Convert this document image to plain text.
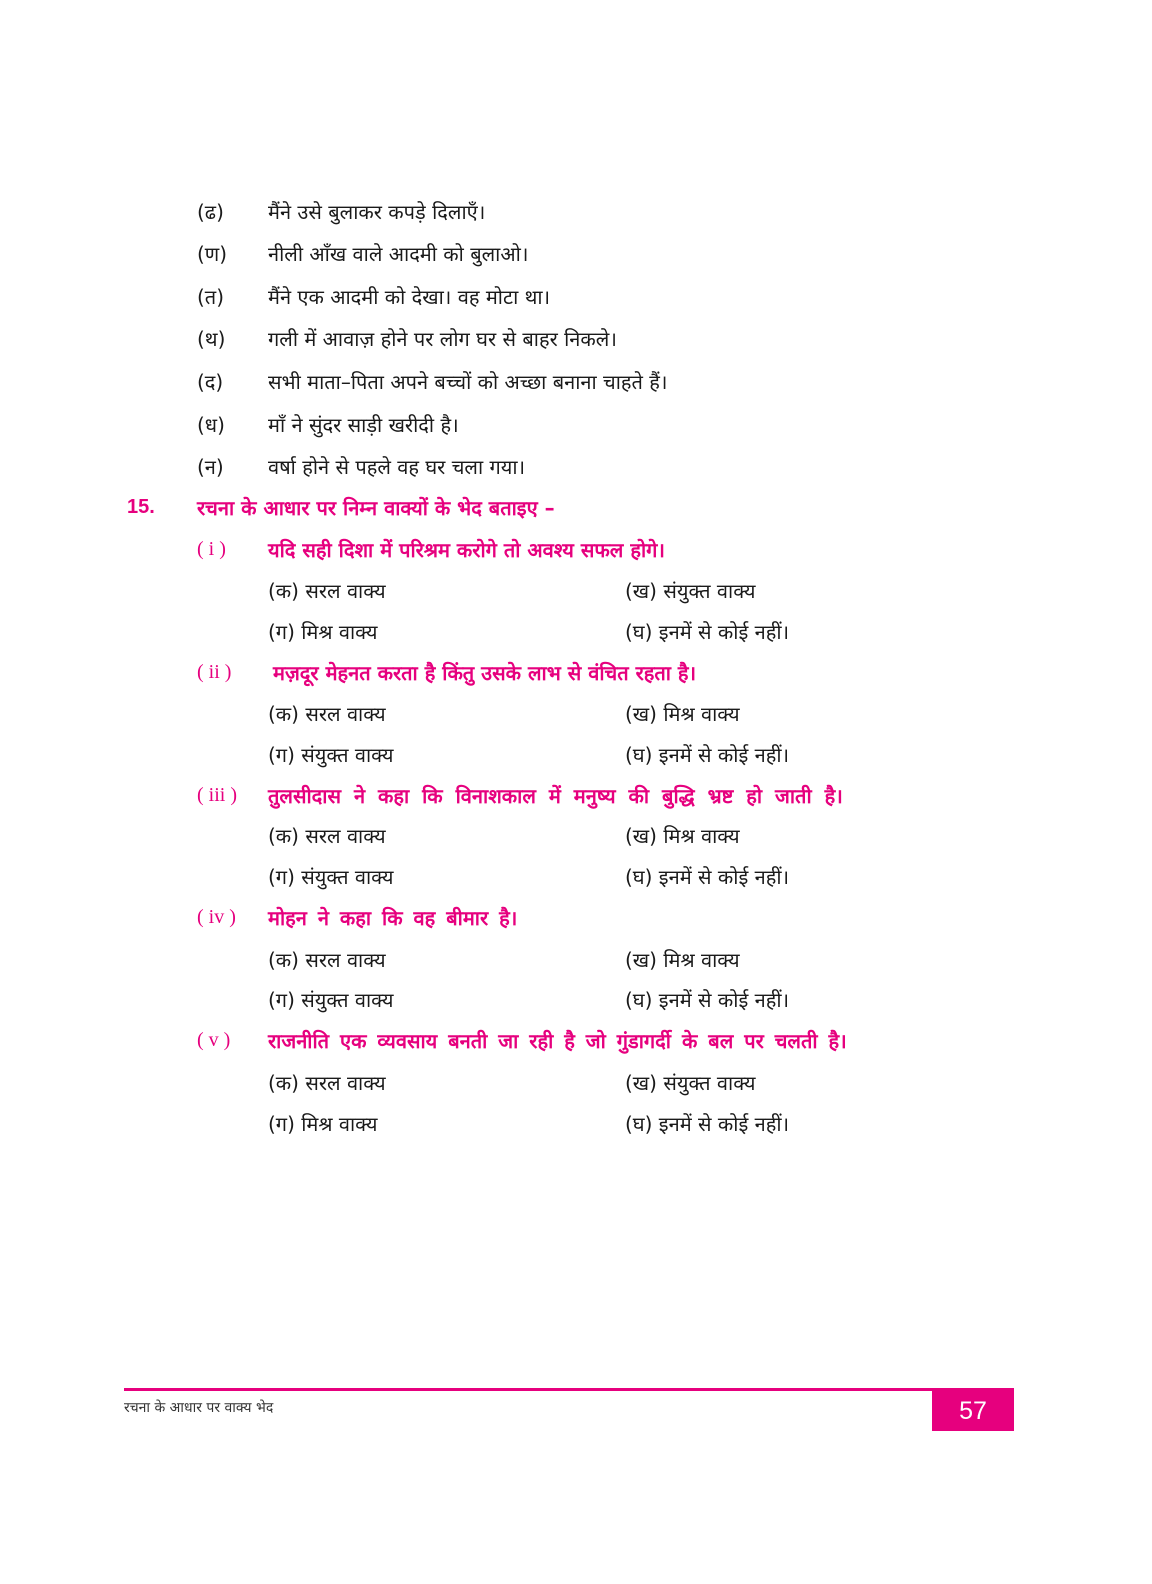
(ढ) मैंने उसे बुलाकर कपड़े दिलाएँ।
(ण) नीली आँख वाले आदमी को बुलाओ।
(त) मैंने एक आदमी को देखा। वह मोटा था।
(थ) गली में आवाज़ होने पर लोग घर से बाहर निकले।
(द) सभी माता–पिता अपने बच्चों को अच्छा बनाना चाहते हैं।
(ध) माँ ने सुंदर साड़ी खरीदी है।
(न) वर्षा होने से पहले वह घर चला गया।
15. रचना के आधार पर निम्न वाक्यों के भेद बताइए –
( i ) यदि सही दिशा में परिश्रम करोगे तो अवश्य सफल होगे।
(क) सरल वाक्य	(ख) संयुक्त वाक्य
(ग) मिश्र वाक्य	(घ) इनमें से कोई नहीं।
( ii ) मज़दूर मेहनत करता है किंतु उसके लाभ से वंचित रहता है।
(क) सरल वाक्य	(ख) मिश्र वाक्य
(ग) संयुक्त वाक्य	(घ) इनमें से कोई नहीं।
( iii ) तुलसीदास ने कहा कि विनाशकाल में मनुष्य की बुद्धि भ्रष्ट हो जाती है।
(क) सरल वाक्य	(ख) मिश्र वाक्य
(ग) संयुक्त वाक्य	(घ) इनमें से कोई नहीं।
( iv ) मोहन ने कहा कि वह बीमार है।
(क) सरल वाक्य	(ख) मिश्र वाक्य
(ग) संयुक्त वाक्य	(घ) इनमें से कोई नहीं।
( v ) राजनीति एक व्यवसाय बनती जा रही है जो गुंडागर्दी के बल पर चलती है।
(क) सरल वाक्य	(ख) संयुक्त वाक्य
(ग) मिश्र वाक्य	(घ) इनमें से कोई नहीं।
रचना के आधार पर वाक्य भेद	57
